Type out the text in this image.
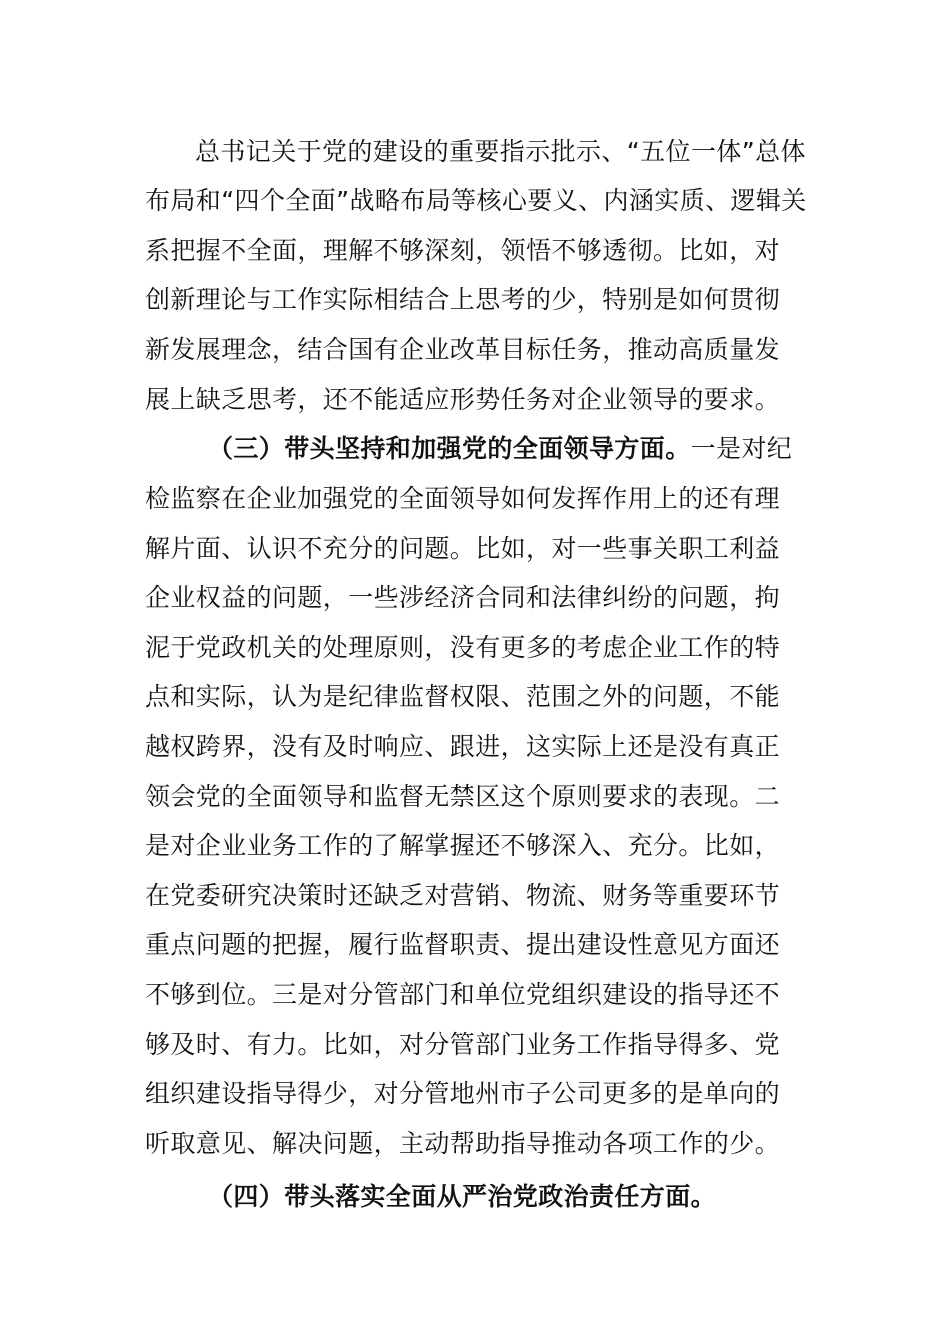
总书记关于党的建设的重要指示批示、“五位一体”总体
布局和“四个全面”战略布局等核心要义、内涵实质、逻辑关
系把握不全面，理解不够深刻，领悟不够透彻。比如，对
创新理论与工作实际相结合上思考的少，特别是如何贯彻
新发展理念，结合国有企业改革目标任务，推动高质量发
展上缺乏思考，还不能适应形势任务对企业领导的要求。
（三）带头坚持和加强党的全面领导方面。一是对纪
检监察在企业加强党的全面领导如何发挥作用上的还有理
解片面、认识不充分的问题。比如，对一些事关职工利益
企业权益的问题，一些涉经济合同和法律纠纷的问题，拘
泥于党政机关的处理原则，没有更多的考虑企业工作的特
点和实际，认为是纪律监督权限、范围之外的问题，不能
越权跨界，没有及时响应、跟进，这实际上还是没有真正
领会党的全面领导和监督无禁区这个原则要求的表现。二
是对企业业务工作的了解掌握还不够深入、充分。比如，
在党委研究决策时还缺乏对营销、物流、财务等重要环节
重点问题的把握，履行监督职责、提出建设性意见方面还
不够到位。三是对分管部门和单位党组织建设的指导还不
够及时、有力。比如，对分管部门业务工作指导得多、党
组织建设指导得少，对分管地州市子公司更多的是单向的
听取意见、解决问题，主动帮助指导推动各项工作的少。
（四）带头落实全面从严治党政治责任方面。
